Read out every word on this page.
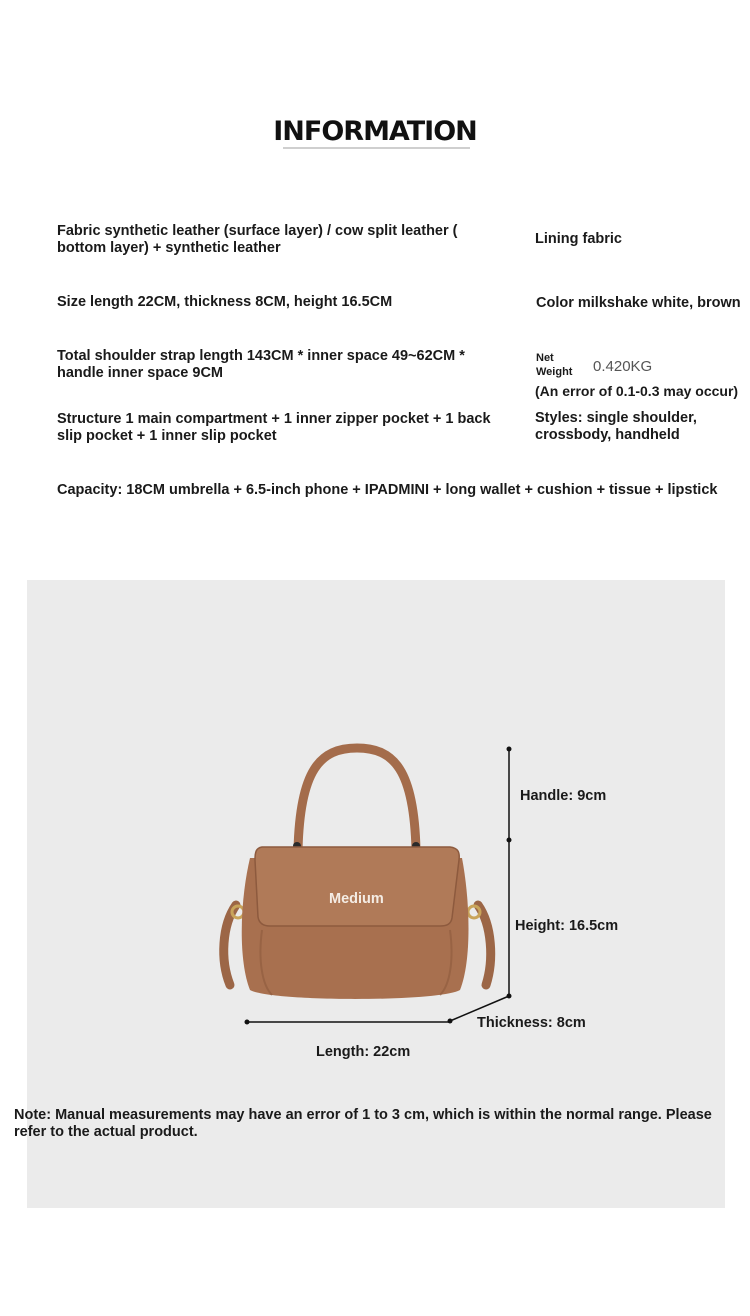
INFORMATION
Fabric synthetic leather (surface layer) / cow split leather ( bottom layer) + synthetic leather
Lining fabric
Size length 22CM, thickness 8CM, height 16.5CM	Color milkshake white, brown
Total shoulder strap length 143CM * inner space 49~62CM * handle inner space 9CM
Net Weight	0.420KG
(An error of 0.1-0.3 may occur)
Structure 1 main compartment + 1 inner zipper pocket + 1 back slip pocket + 1 inner slip pocket
Styles: single shoulder, crossbody, handheld
Capacity: 18CM umbrella + 6.5-inch phone + IPADMINI + long wallet + cushion + tissue + lipstick
Medium
Handle: 9cm
Height: 16.5cm
Thickness: 8cm
Length: 22cm
Note: Manual measurements may have an error of 1 to 3 cm, which is within the normal range. Please refer to the actual product.
